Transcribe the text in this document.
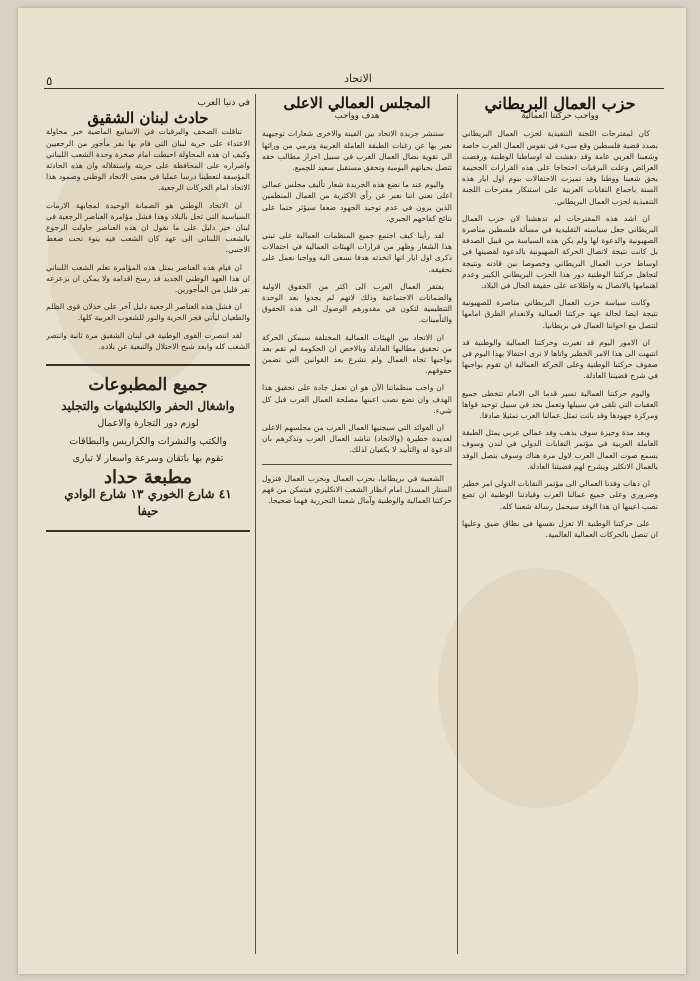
٥	الاتحاد
حزب العمال البريطاني
وواجب حركتنا العمالية

كان لمقترحات اللجنة التنفيذية لحزب العمال البريطاني بصدد قضية فلسطين وقع سيء في نفوس العمال العرب خاصة وشعبنا العربي عامة وقد دهشت له اوساطنا الوطنية ورفضت العرائض وعلت البرقيات احتجاجا على هذه القرارات الجحيمة بحق شعبنا ووطنا وقد تميزت الاحتفالات بيوم اول ايار هذه السنة باجماع النقابات العربية على استنكار مقترحات اللجنة التنفيذية لحزب العمال البريطاني.

ان اشد هذه المقترحات لم تدهشنا لان حزب العمال البريطاني جعل سياسته التقليدية في مسألة فلسطين مناصرة الصهيونية والدعوة لها ولم يكن هذه السياسة من قبيل الصدفة بل كانت نتيجة لاتصال الحركة الصهيونية بالدعوة لقضيتها في اوساط حزب العمال البريطاني وخصوصا بين قادته ونتيجة لتجاهل حركتنا الوطنية دور هذا الحزب البريطاني الكبير وعدم اهتمامها بالاتصال به واطلاعه على حقيقة الحال في البلاد.

وكانت سياسة حزب العمال البريطاني مناصرة للصهيونية نتيجة ايضا لحالة عهد حركتنا العمالية ولانعدام الطرق امامها لتتصل مع اخواننا العمال في بريطانيا.

ان الامور اليوم قد تغيرت وحركتنا العمالية والوطنية قد انتبهت الى هذا الامر الخطير واتاها لا نرى احتفالا بهذا اليوم في صفوف حركتنا الوطنية وعلى الحركة العمالية ان تقوم بواجبها في شرح قضيتنا العادلة.

واليوم حركتنا العمالية تسير قدما الى الامام تتخطى جميع العقبات التي تلقى في سبيلها وتعمل بجد في سبيل توحيد قواها ومركزة جهودها وقد باتت تمثل عمالنا العرب تمثيلا صادقا.

وبعد مدة وجيزة سوف يذهب وفد عمالي عربي يمثل الطبقة العاملة العربية في مؤتمر النقابات الدولي في لندن وسوف يسمع صوت العمال العرب لاول مرة هناك وسوف يتصل الوفد بالعمال الانكليز ويشرح لهم قضيتنا العادلة.

ان ذهاب وفدنا العمالي الى مؤتمر النقابات الدولي امر خطير وضروري وعلى جميع عمالنا العرب وقيادتنا الوطنية ان تضع نصب اعينها ان هذا الوفد سيحمل رسالة شعبنا كله.

على حركتنا الوطنية الا تعزل نفسها في نطاق ضيق وعليها ان تتصل بالحركات العمالية العالمية.

المجلس العمالي الاعلى
هدف وواجب

ستنشر جريدة الاتحاد بين الفينة والاخرى شعارات توجيهية نعبر بها عن رغبات الطبقة العاملة العربية ونرمي من ورائها الى تقوية نضال العمال العرب في سبيل احراز مطالب حقه تتصل بحياتهم اليومية وتحقق مستقبل سعيد للجميع.

واليوم عند ما نضع هذه الجريدة شعار تأليف مجلس عمالي اعلى نعني اننا نعبر عن رأي الاكثرية من العمال المنظمين الذين يرون في عدم توحيد الجهود ضعفا سيؤثر حتما على نتائج كفاحهم الجبري.

لقد رأينا كيف اجتمع جميع المنظمات العمالية على تبني هذا الشعار وظهر من قرارات الهيئات العمالية في احتفالات ذكرى اول ايار انها اتخذته هدفا نسعى اليه وواجبا نعمل على تحقيقه.

يفتقر العمال العرب الى اكثر من الحقوق الاولية والضمانات الاجتماعية وذلك لانهم لم يجدوا بعد الوحدة التنظيمية لتكون في مقدورهم الوصول الى هذه الحقوق والتأمينات.

ان الاتحاد بين الهيئات العمالية المختلفة سيمكن الحركة من تحقيق مطالبها العادلة وبالاخص ان الحكومة لم تقم بعد بواجبها تجاه العمال ولم تشرع بعد القوانين التي تضمن حقوقهم.

ان واجب منظماتنا الآن هو ان تعمل جادة على تحقيق هذا الهدف وان تضع نصب اعينها مصلحة العمال العرب قبل كل شيء.

ان الفوائد التي سيجنيها العمال العرب من مجلسهم الاعلى لعديدة خطيرة (والاتحاد) تناشد العمال العرب وتذكرهم بان الدعوة له والتأييد لا يكفيان لذلك.

الشعبية في بريطانيا، بحزب العمال وبحزب العمال فتزول الستار المسدل امام انظار الشعب الانكليزي فيتمكن من فهم حركتنا العمالية والوطنية وآمال شعبنا التحررية فهما صحيحا.

في دنيا العرب
حادث لبنان الشقيق

تناقلت الصحف والبرقيات في الاسابيع الماضية خبر محاولة الاعتداء على حرية لبنان التي قام بها نفر مأجور من الرجعيين وكيف ان هذه المحاولة احبطت امام صخرة وحدة الشعب اللبناني واصراره على المحافظة على حريته واستقلاله وان هذه الحادثة المؤسفة لتعطينا درسا عمليا في معنى الاتحاد الوطني وصمود هذا الاتحاد امام الحركات الرجعية.

ان الاتحاد الوطني هو الضمانة الوحيدة لمجابهة الازمات السياسية التي تحل بالبلاد وهذا فشل مؤامرة العناصر الرجعية في لبنان خير دليل على ما نقول ان هذه العناصر حاولت الرجوع بالشعب اللبناني الى عهد كان الشعب فيه ينوء تحت ضغط الاجنبي.

ان قيام هذه العناصر بمثل هذه المؤامرة تعلم الشعب اللبناني ان هذا العهد الوطني الجديد قد رسخ اقدامه ولا يمكن ان يزعزعه نفر قليل من المأجورين.

ان فشل هذه العناصر الرجعية دليل آخر على خذلان قوى الظلم والطغيان ليأتي فجر الحرية والنور للشعوب العربية كلها.

لقد انتصرت القوى الوطنية في لبنان الشقيق مرة ثانية وانتصر الشعب كله وابعد شبح الاحتلال والتبعية عن بلاده.

جميع المطبوعات
واشغال الحفر والكليشهات والتجليد
لوزم دور التجارة والاعمال
والكتب والنشرات والكراريس والبطاقات
تقوم بها باتقان وسرعة واسعار لا تبارى
مطبعة حداد
٤١ شارع الخوري ١٣ شارع الوادي
حيفا
